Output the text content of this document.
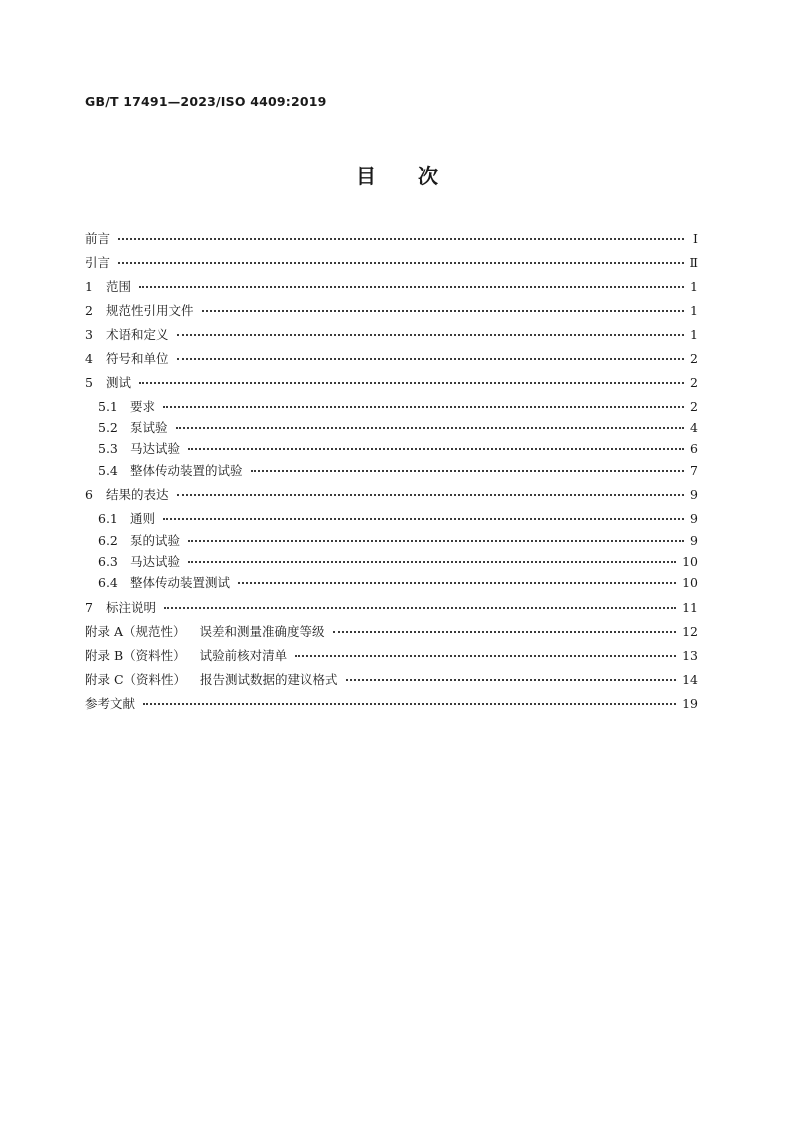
GB/T 17491—2023/ISO 4409:2019
目 次
前言	Ⅰ
引言	Ⅱ
1	范围	1
2	规范性引用文件	1
3	术语和定义	1
4	符号和单位	2
5	测试	2
5.1 要求	2
5.2 泵试验	4
5.3 马达试验	6
5.4 整体传动装置的试验	7
6	结果的表达	9
6.1 通则	9
6.2 泵的试验	9
6.3 马达试验	10
6.4 整体传动装置测试	10
7	标注说明	11
附录 A（规范性）	误差和测量准确度等级	12
附录 B（资料性）	试验前核对清单	13
附录 C（资料性）	报告测试数据的建议格式	14
参考文献	19
